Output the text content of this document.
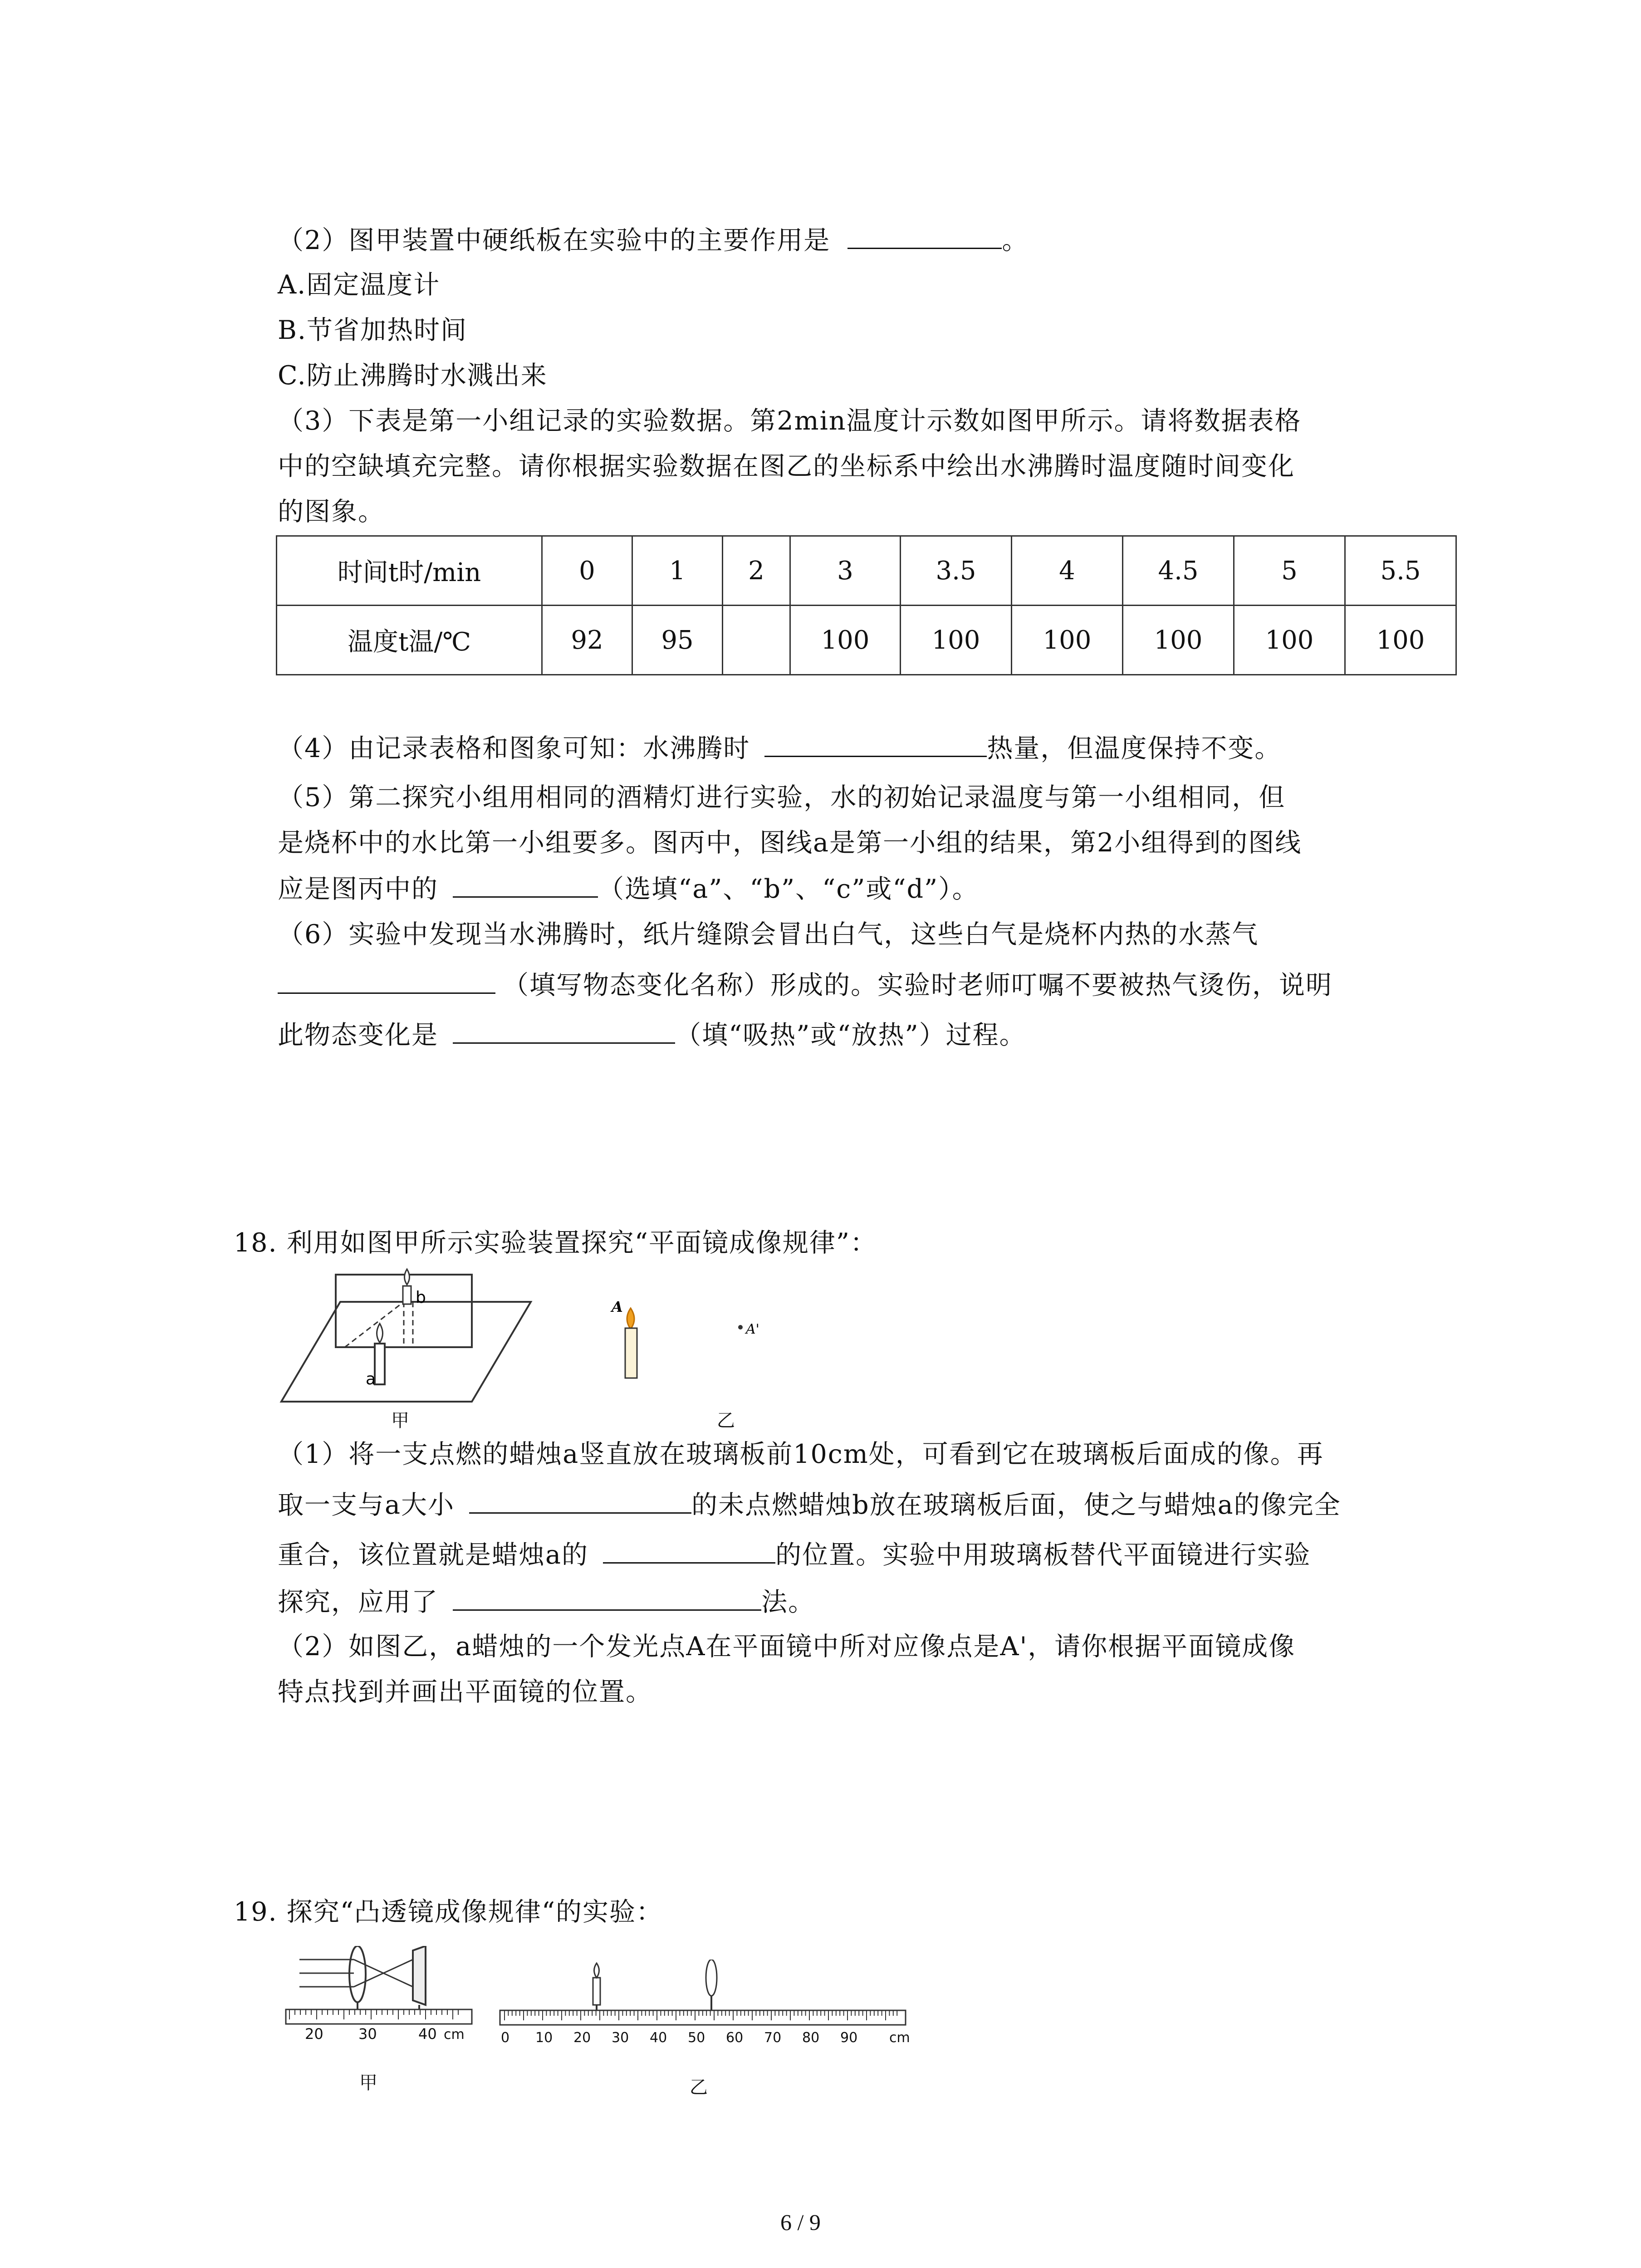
（2）图甲装置中硬纸板在实验中的主要作用是	。
A.固定温度计
B.节省加热时间
C.防止沸腾时水溅出来
（3）下表是第一小组记录的实验数据。第2min温度计示数如图甲所示。请将数据表格
中的空缺填充完整。请你根据实验数据在图乙的坐标系中绘出水沸腾时温度随时间变化
的图象。
时间t时/min	0	1	2	3	3.5	4	4.5	5	5.5
温度t温/℃	92	95		100	100	100	100	100	100
（4）由记录表格和图象可知：水沸腾时	热量，但温度保持不变。
（5）第二探究小组用相同的酒精灯进行实验，水的初始记录温度与第一小组相同，但
是烧杯中的水比第一小组要多。图丙中，图线a是第一小组的结果，第2小组得到的图线
应是图丙中的	（选填“a”、“b”、“c”或“d”）。
（6）实验中发现当水沸腾时，纸片缝隙会冒出白气，这些白气是烧杯内热的水蒸气
（填写物态变化名称）形成的。实验时老师叮嘱不要被热气烫伤，说明
此物态变化是	（填“吸热”或“放热”）过程。
18. 利用如图甲所示实验装置探究“平面镜成像规律”：
a
b
甲
A
A'
乙
（1）将一支点燃的蜡烛a竖直放在玻璃板前10cm处，可看到它在玻璃板后面成的像。再
取一支与a大小	的未点燃蜡烛b放在玻璃板后面，使之与蜡烛a的像完全
重合，该位置就是蜡烛a的	的位置。实验中用玻璃板替代平面镜进行实验
探究，应用了	法。
（2）如图乙，a蜡烛的一个发光点A在平面镜中所对应像点是A'，请你根据平面镜成像
特点找到并画出平面镜的位置。
19. 探究“凸透镜成像规律“的实验：
20 30	40 cm
甲
0 10 20 30 40 50 60 70 80 90 cm
乙
6 / 9
